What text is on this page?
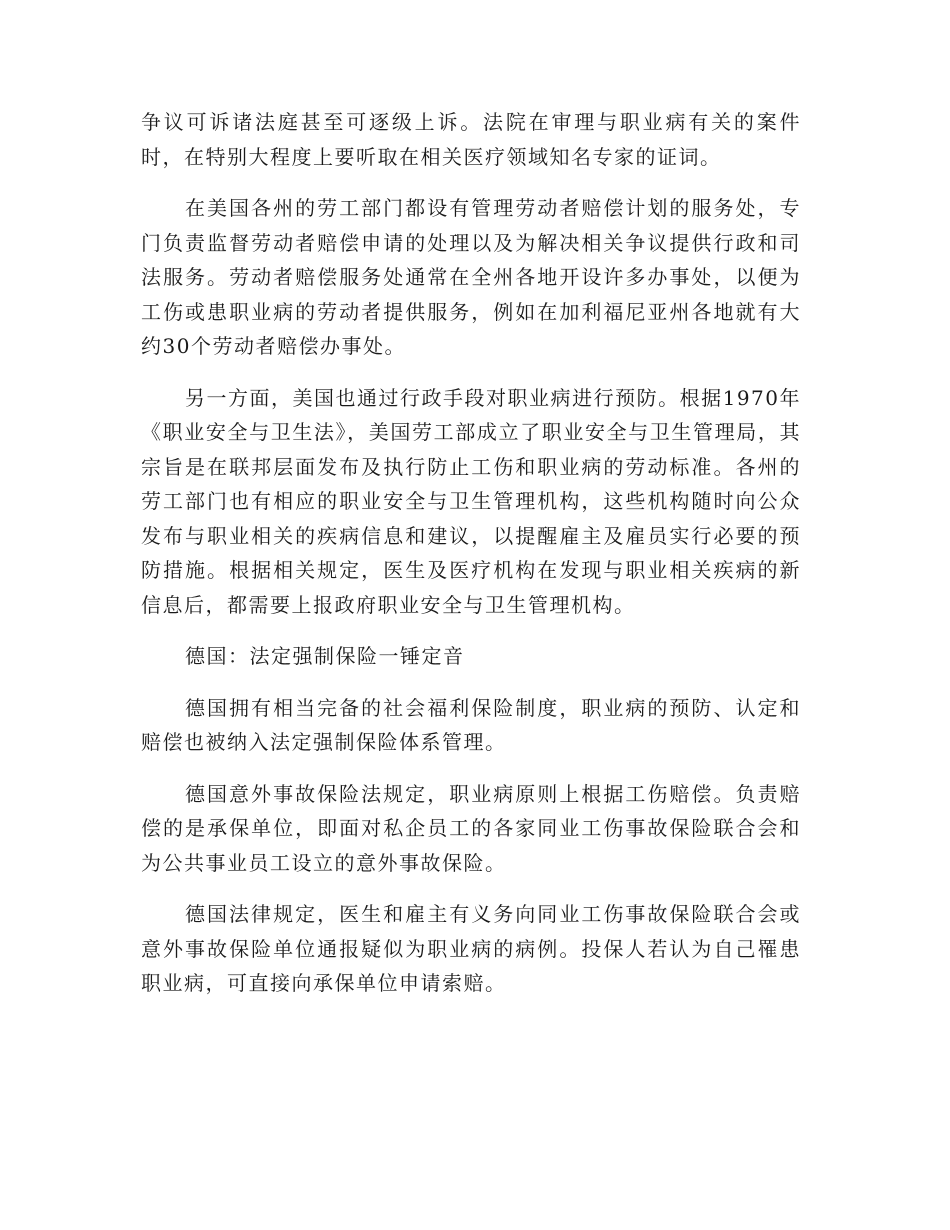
争议可诉诸法庭甚至可逐级上诉。法院在审理与职业病有关的案件时，在特别大程度上要听取在相关医疗领域知名专家的证词。

在美国各州的劳工部门都设有管理劳动者赔偿计划的服务处，专门负责监督劳动者赔偿申请的处理以及为解决相关争议提供行政和司法服务。劳动者赔偿服务处通常在全州各地开设许多办事处，以便为工伤或患职业病的劳动者提供服务，例如在加利福尼亚州各地就有大约30个劳动者赔偿办事处。

另一方面，美国也通过行政手段对职业病进行预防。根据1970年《职业安全与卫生法》，美国劳工部成立了职业安全与卫生管理局，其宗旨是在联邦层面发布及执行防止工伤和职业病的劳动标准。各州的劳工部门也有相应的职业安全与卫生管理机构，这些机构随时向公众发布与职业相关的疾病信息和建议，以提醒雇主及雇员实行必要的预防措施。根据相关规定，医生及医疗机构在发现与职业相关疾病的新信息后，都需要上报政府职业安全与卫生管理机构。

德国：法定强制保险一锤定音

德国拥有相当完备的社会福利保险制度，职业病的预防、认定和赔偿也被纳入法定强制保险体系管理。

德国意外事故保险法规定，职业病原则上根据工伤赔偿。负责赔偿的是承保单位，即面对私企员工的各家同业工伤事故保险联合会和为公共事业员工设立的意外事故保险。

德国法律规定，医生和雇主有义务向同业工伤事故保险联合会或意外事故保险单位通报疑似为职业病的病例。投保人若认为自己罹患职业病，可直接向承保单位申请索赔。
